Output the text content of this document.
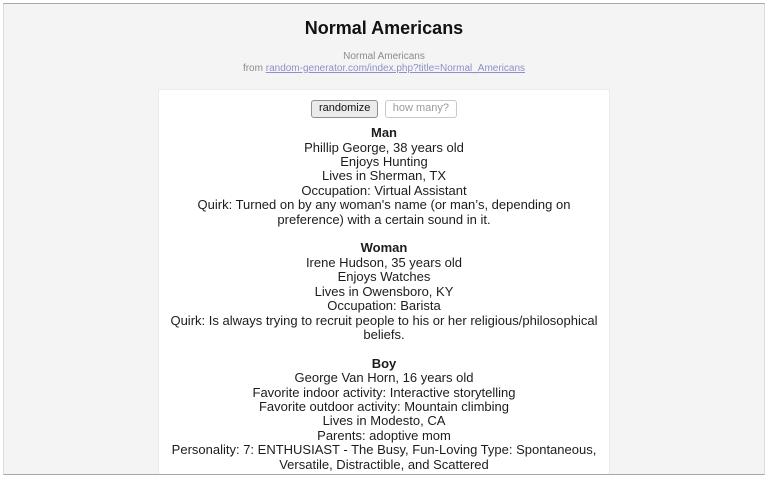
Normal Americans
Normal Americans
from random-generator.com/index.php?title=Normal_Americans
randomize how many?
Man
Phillip George, 38 years old
Enjoys Hunting
Lives in Sherman, TX
Occupation: Virtual Assistant
Quirk: Turned on by any woman's name (or man’s, depending on preference) with a certain sound in it.
Woman
Irene Hudson, 35 years old
Enjoys Watches
Lives in Owensboro, KY
Occupation: Barista
Quirk: Is always trying to recruit people to his or her religious/philosophical beliefs.
Boy
George Van Horn, 16 years old
Favorite indoor activity: Interactive storytelling
Favorite outdoor activity: Mountain climbing
Lives in Modesto, CA
Parents: adoptive mom
Personality: 7: ENTHUSIAST - The Busy, Fun-Loving Type: Spontaneous, Versatile, Distractible, and Scattered
